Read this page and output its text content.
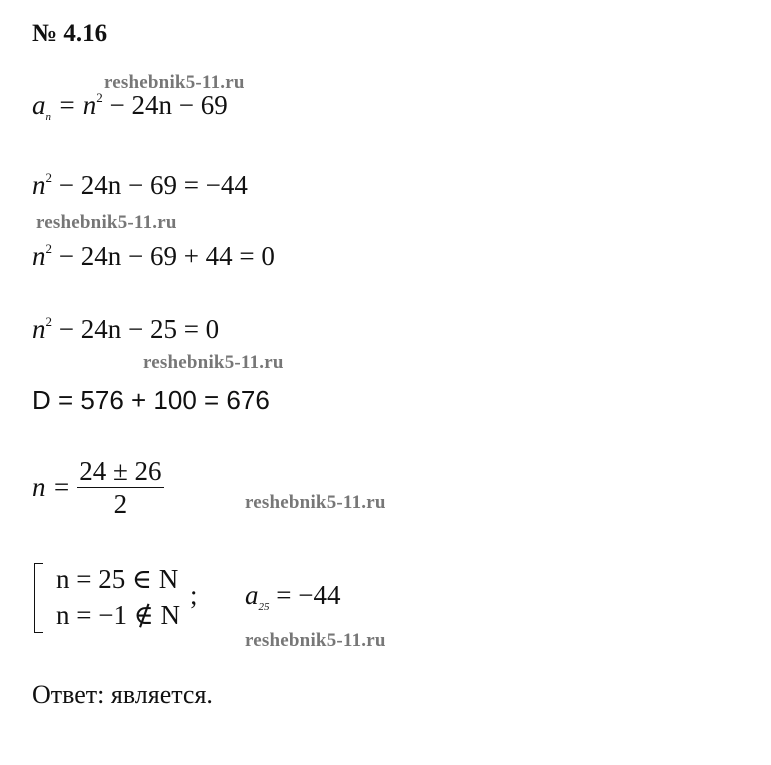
№ 4.16
reshebnik5-11.ru
$a_n = n^2 - 24n - 69$
$n^2 - 24n - 69 = -44$
reshebnik5-11.ru
$n^2 - 24n - 69 + 44 = 0$
$n^2 - 24n - 25 = 0$
reshebnik5-11.ru
D = 576 + 100 = 676
$n = \frac{24 \pm 26}{2}$	reshebnik5-11.ru
n = 25 ∈ N
n = −1 ∉ N
; $a_{25} = -44$
reshebnik5-11.ru
Ответ: является.
